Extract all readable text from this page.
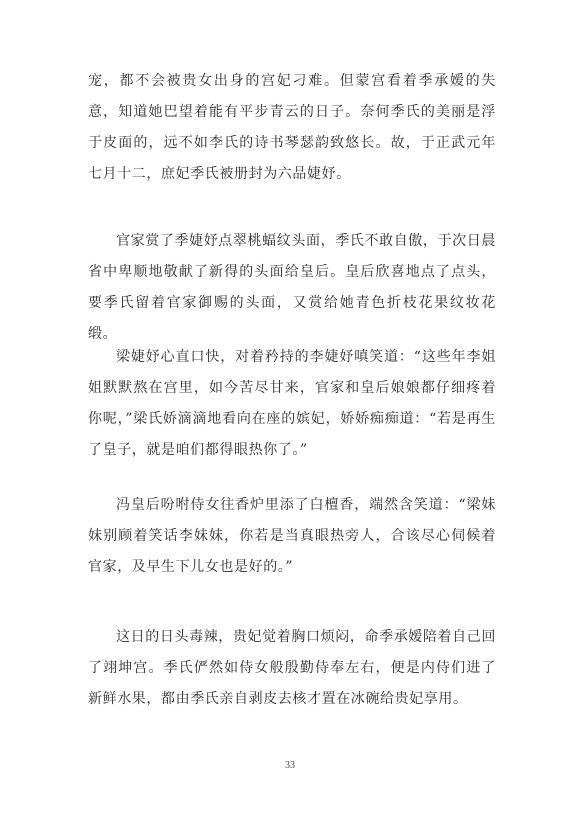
宠，都不会被贵女出身的宫妃刁难。但蒙宫看着季承嫒的失意，知道她巴望着能有平步青云的日子。奈何季氏的美丽是浮于皮面的，远不如李氏的诗书琴瑟韵致悠长。故，于正武元年七月十二，庶妃季氏被册封为六品婕妤。

官家赏了季婕妤点翠桃蝠纹头面，季氏不敢自傲，于次日晨省中卑顺地敬献了新得的头面给皇后。皇后欣喜地点了点头，要季氏留着官家御赐的头面，又赏给她青色折枝花果纹妆花缎。

梁婕妤心直口快，对着矜持的李婕妤嗔笑道：“这些年李姐姐默默熬在宫里，如今苦尽甘来，官家和皇后娘娘都仔细疼着你呢，”梁氏娇滴滴地看向在座的嫔妃，娇娇痴痴道：“若是再生了皇子，就是咱们都得眼热你了。”

冯皇后吩咐侍女往香炉里添了白檀香，端然含笑道：“梁妹妹别顾着笑话李妹妹，你若是当真眼热旁人，合该尽心伺候着官家，及早生下儿女也是好的。”

这日的日头毒辣，贵妃觉着胸口烦闷，命季承嫒陪着自己回了翊坤宫。季氏俨然如侍女般殷勤侍奉左右，便是内侍们进了新鲜水果，都由季氏亲自剥皮去核才置在冰碗给贵妃享用。

33
